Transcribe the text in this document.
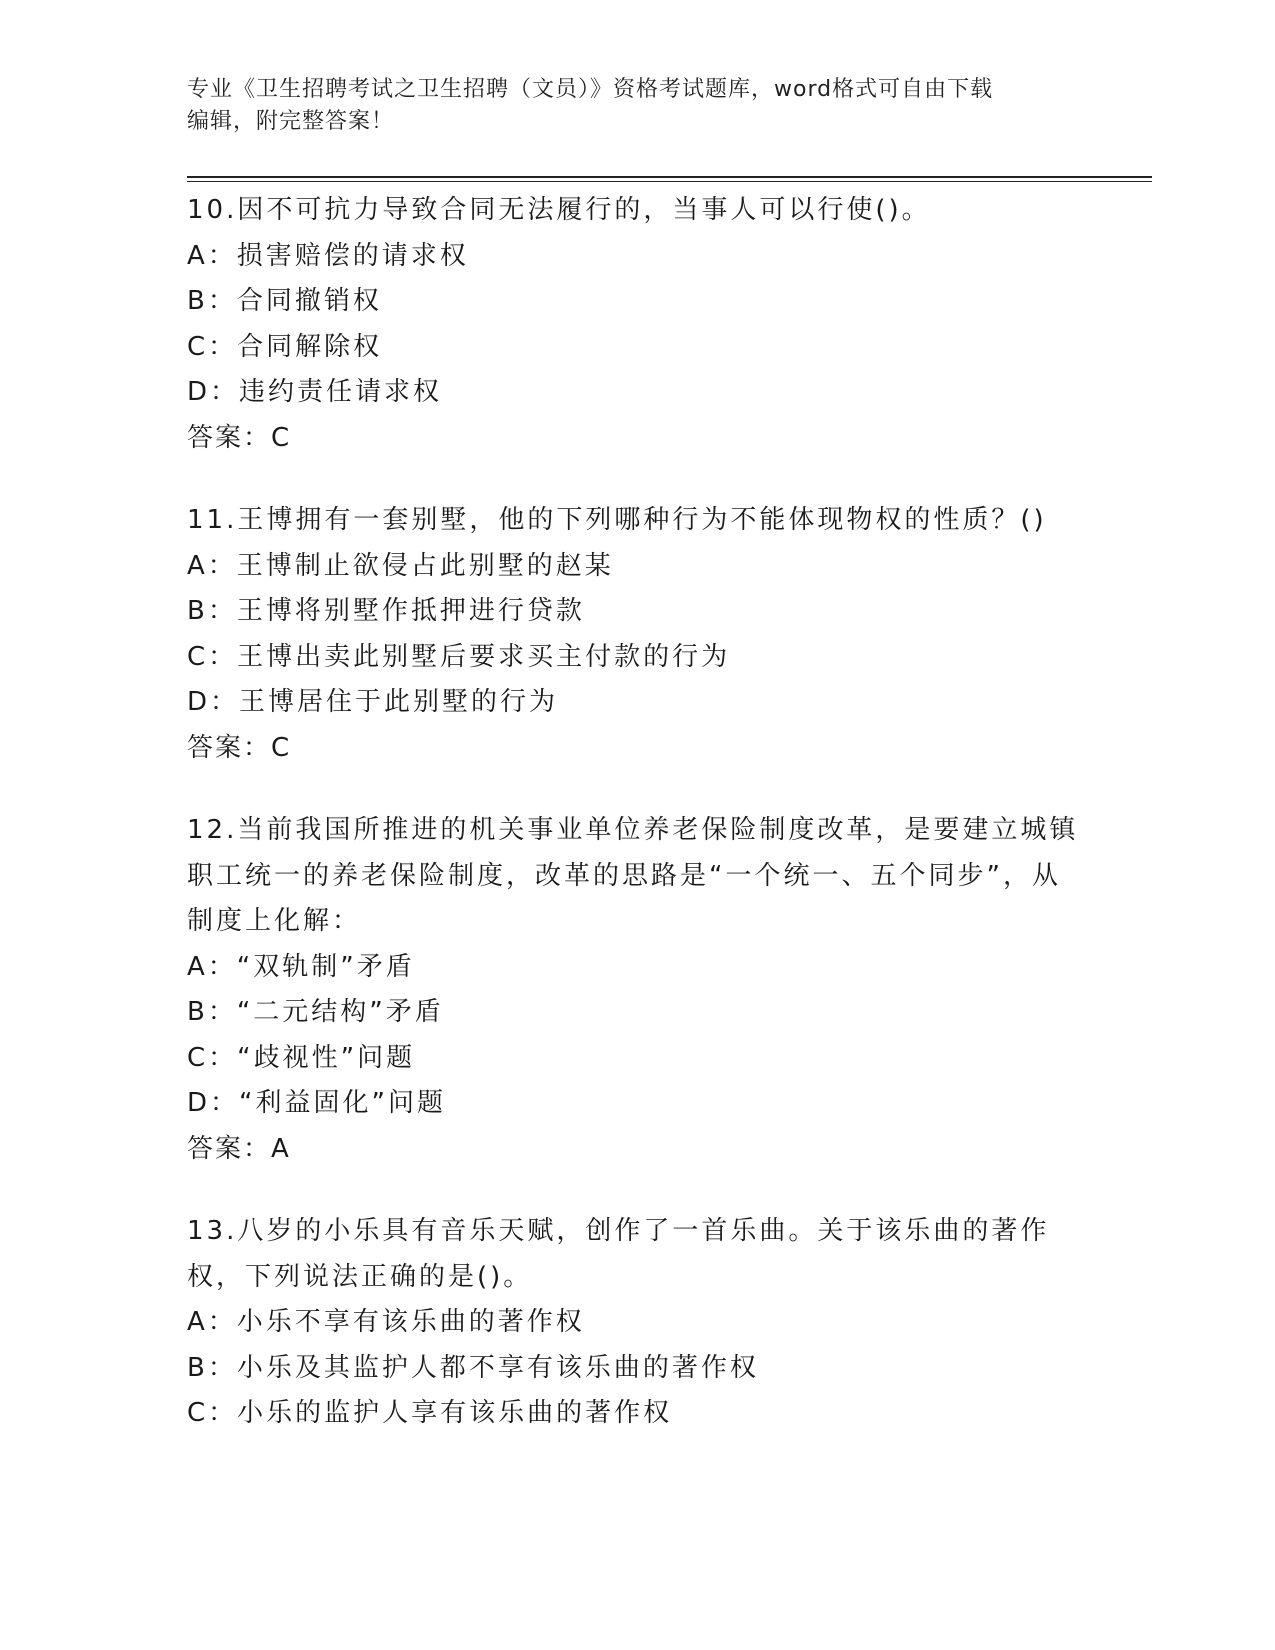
专业《卫生招聘考试之卫生招聘（文员）》资格考试题库，word格式可自由下载
编辑，附完整答案！
10.因不可抗力导致合同无法履行的，当事人可以行使()。
A：损害赔偿的请求权
B：合同撤销权
C：合同解除权
D：违约责任请求权
答案：C
11.王博拥有一套别墅，他的下列哪种行为不能体现物权的性质？()
A：王博制止欲侵占此别墅的赵某
B：王博将别墅作抵押进行贷款
C：王博出卖此别墅后要求买主付款的行为
D：王博居住于此别墅的行为
答案：C
12.当前我国所推进的机关事业单位养老保险制度改革，是要建立城镇职工统一的养老保险制度，改革的思路是“一个统一、五个同步”，从制度上化解：
A：“双轨制”矛盾
B：“二元结构”矛盾
C：“歧视性”问题
D：“利益固化”问题
答案：A
13.八岁的小乐具有音乐天赋，创作了一首乐曲。关于该乐曲的著作权，下列说法正确的是()。
A：小乐不享有该乐曲的著作权
B：小乐及其监护人都不享有该乐曲的著作权
C：小乐的监护人享有该乐曲的著作权
